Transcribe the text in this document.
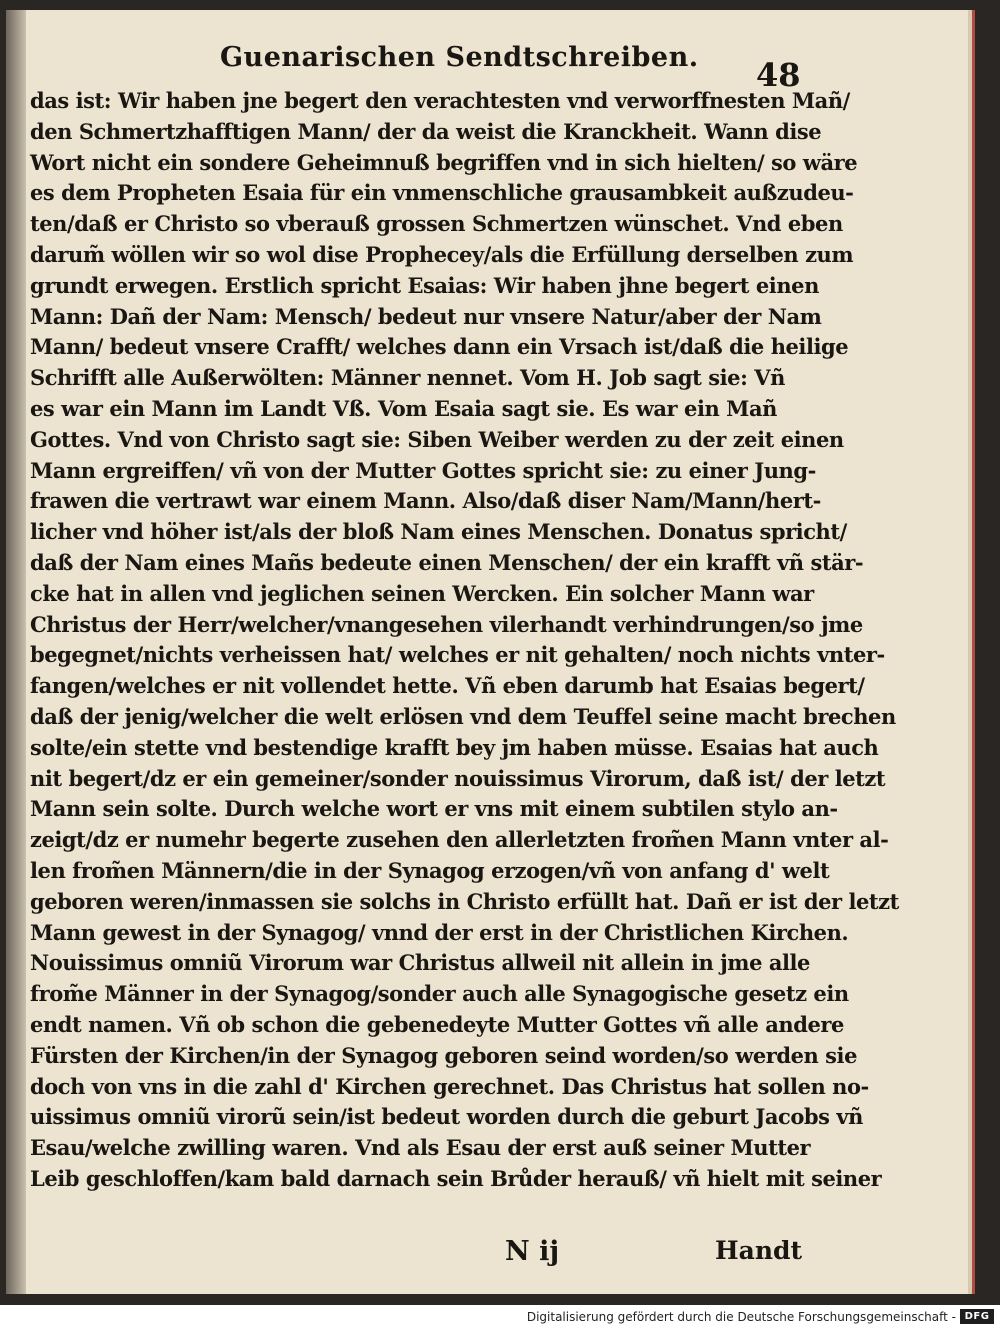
Guenarischen Sendtschreiben. 48
das ist: Wir haben jne begert den verachtesten vnd verworffnesten Mañ/
den Schmertzhafftigen Mann/ der da weist die Kranckheit. Wann dise
Wort nicht ein sondere Geheimnuß begriffen vnd in sich hielten/ so wäre
es dem Propheten Esaia für ein vnmenschliche grausambkeit außzudeu-
ten/daß er Christo so vberauß grossen Schmertzen wünschet. Vnd eben
darum̃ wöllen wir so wol dise Prophecey/als die Erfüllung derselben zum
grundt erwegen. Erstlich spricht Esaias: Wir haben jhne begert einen
Mann: Dañ der Nam: Mensch/ bedeut nur vnsere Natur/aber der Nam
Mann/ bedeut vnsere Crafft/ welches dann ein Vrsach ist/daß die heilige
Schrifft alle Außerwölten: Männer nennet. Vom H. Job sagt sie: Vñ
es war ein Mann im Landt Vß. Vom Esaia sagt sie. Es war ein Mañ
Gottes. Vnd von Christo sagt sie: Siben Weiber werden zu der zeit einen
Mann ergreiffen/ vñ von der Mutter Gottes spricht sie: zu einer Jung-
frawen die vertrawt war einem Mann. Also/daß diser Nam/Mann/hert-
licher vnd höher ist/als der bloß Nam eines Menschen. Donatus spricht/
daß der Nam eines Mañs bedeute einen Menschen/ der ein krafft vñ stär-
cke hat in allen vnd jeglichen seinen Wercken. Ein solcher Mann war
Christus der Herr/welcher/vnangesehen vilerhandt verhindrungen/so jme
begegnet/nichts verheissen hat/ welches er nit gehalten/ noch nichts vnter-
fangen/welches er nit vollendet hette. Vñ eben darumb hat Esaias begert/
daß der jenig/welcher die welt erlösen vnd dem Teuffel seine macht brechen
solte/ein stette vnd bestendige krafft bey jm haben müsse. Esaias hat auch
nit begert/dz er ein gemeiner/sonder nouissimus Virorum, daß ist/ der letzt
Mann sein solte. Durch welche wort er vns mit einem subtilen stylo an-
zeigt/dz er numehr begerte zusehen den allerletzten from̃en Mann vnter al-
len from̃en Männern/die in der Synagog erzogen/vñ von anfang d' welt
geboren weren/inmassen sie solchs in Christo erfüllt hat. Dañ er ist der letzt
Mann gewest in der Synagog/ vnnd der erst in der Christlichen Kirchen.
Nouissimus omniũ Virorum war Christus allweil nit allein in jme alle
from̃e Männer in der Synagog/sonder auch alle Synagogische gesetz ein
endt namen. Vñ ob schon die gebenedeyte Mutter Gottes vñ alle andere
Fürsten der Kirchen/in der Synagog geboren seind worden/so werden sie
doch von vns in die zahl d' Kirchen gerechnet. Das Christus hat sollen no-
uissimus omniũ virorũ sein/ist bedeut worden durch die geburt Jacobs vñ
Esau/welche zwilling waren. Vnd als Esau der erst auß seiner Mutter
Leib geschloffen/kam bald darnach sein Brůder herauß/ vñ hielt mit seiner
N ij	Handt
Digitalisierung gefördert durch die Deutsche Forschungsgemeinschaft - DFG
